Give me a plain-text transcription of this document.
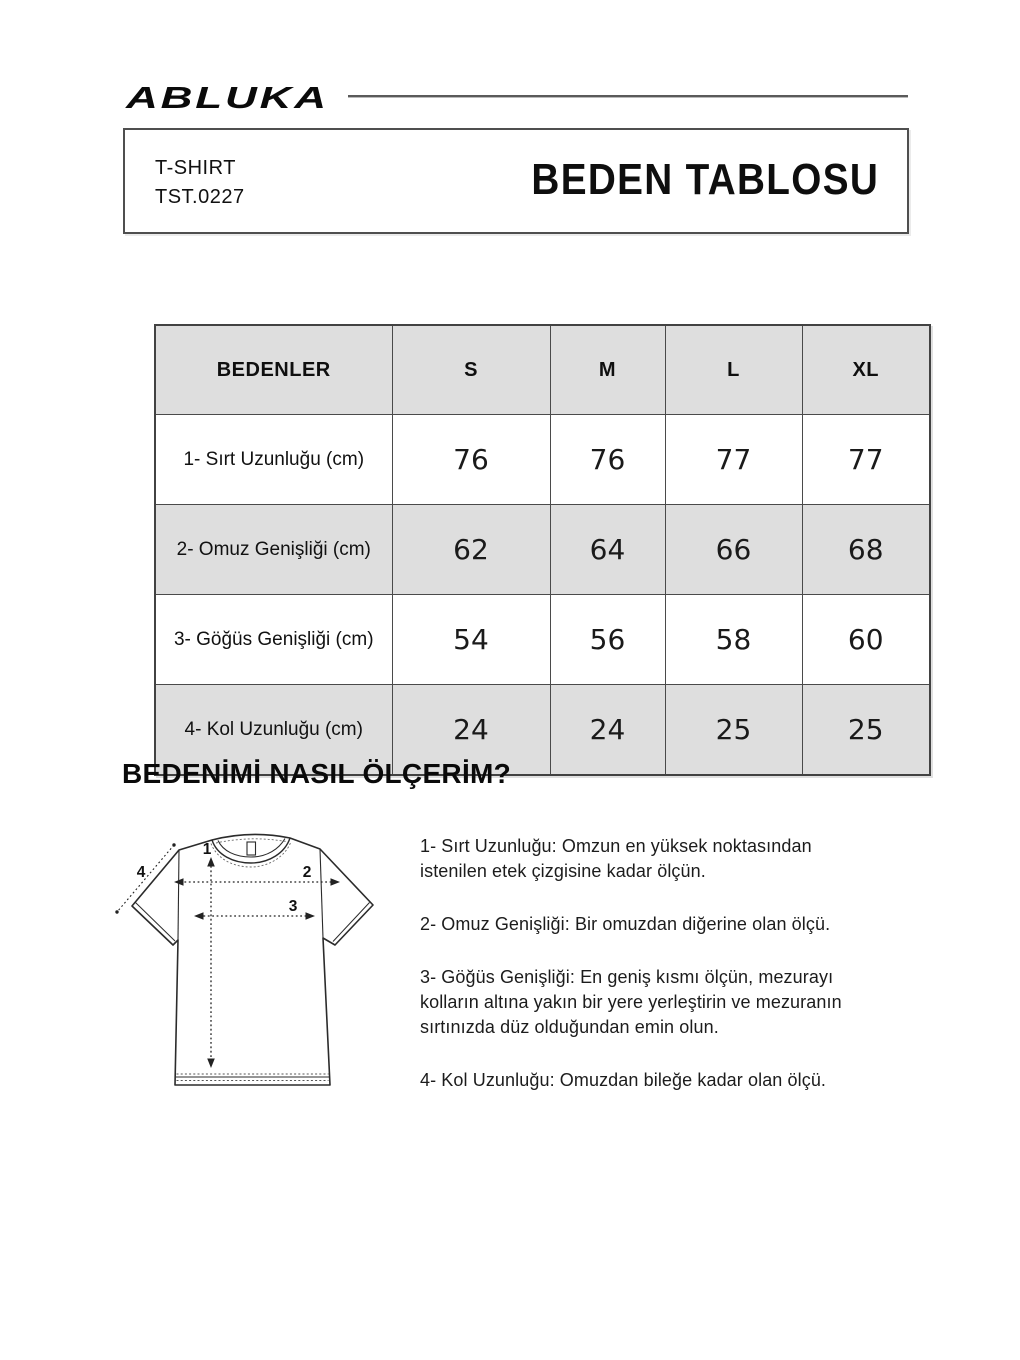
ABLUKA
T-SHIRT
TST.0227	BEDEN TABLOSU
BEDENLER	S	M	L	XL
1- Sırt Uzunluğu (cm)	76	76	77	77
2- Omuz Genişliği (cm)	62	64	66	68
3- Göğüs Genişliği (cm)	54	56	58	60
4- Kol Uzunluğu (cm)	24	24	25	25
BEDENİMİ NASIL ÖLÇERİM?
1
2
3
4

1- Sırt Uzunluğu: Omzun en yüksek noktasından
istenilen etek çizgisine kadar ölçün.

2- Omuz Genişliği: Bir omuzdan diğerine olan ölçü.

3- Göğüs Genişliği: En geniş kısmı ölçün, mezurayı
kolların altına yakın bir yere yerleştirin ve mezuranın
sırtınızda düz olduğundan emin olun.

4- Kol Uzunluğu: Omuzdan bileğe kadar olan ölçü.
